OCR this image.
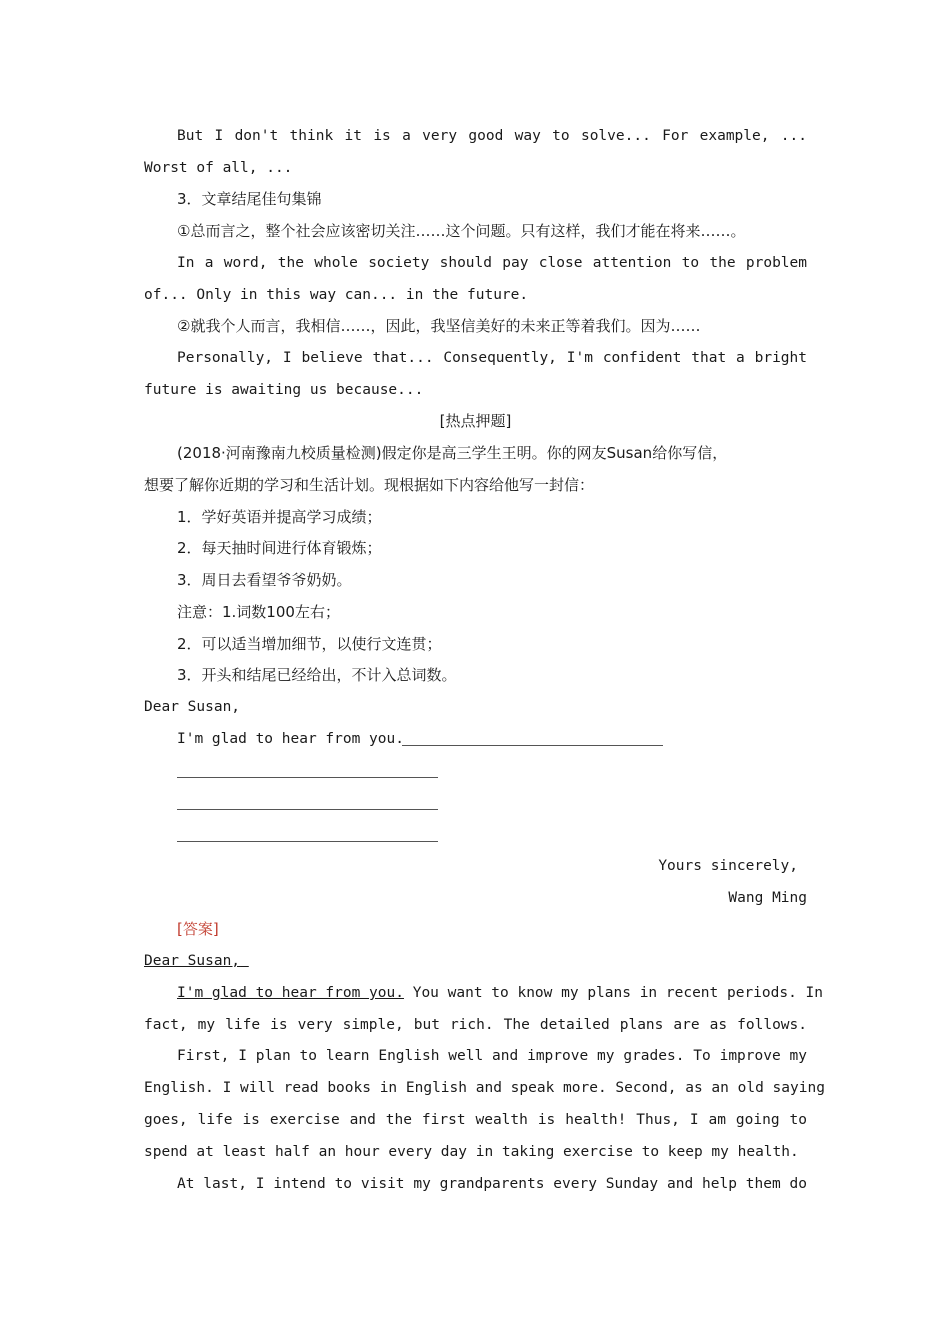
But I don't think it is a very good way to solve... For example, ...
Worst of all, ...
3．文章结尾佳句集锦
①总而言之，整个社会应该密切关注……这个问题。只有这样，我们才能在将来……。
In a word, the whole society should pay close attention to the problem
of... Only in this way can... in the future.
②就我个人而言，我相信……，因此，我坚信美好的未来正等着我们。因为……
Personally, I believe that... Consequently, I'm confident that a bright
future is awaiting us because...
[热点押题]
(2018·河南豫南九校质量检测)假定你是高三学生王明。你的网友Susan给你写信，
想要了解你近期的学习和生活计划。现根据如下内容给他写一封信：
1．学好英语并提高学习成绩；
2．每天抽时间进行体育锻炼；
3．周日去看望爷爷奶奶。
注意：1.词数100左右；
2．可以适当增加细节，以使行文连贯；
3．开头和结尾已经给出，不计入总词数。
Dear Susan,
I'm glad to hear from you.
Yours sincerely,
Wang Ming
[答案]
Dear Susan,
I'm glad to hear from you. You want to know my plans in recent periods. In
fact, my life is very simple, but rich. The detailed plans are as follows.
First, I plan to learn English well and improve my grades. To improve my
English. I will read books in English and speak more. Second, as an old saying
goes, life is exercise and the first wealth is health! Thus, I am going to
spend at least half an hour every day in taking exercise to keep my health.
At last, I intend to visit my grandparents every Sunday and help them do
